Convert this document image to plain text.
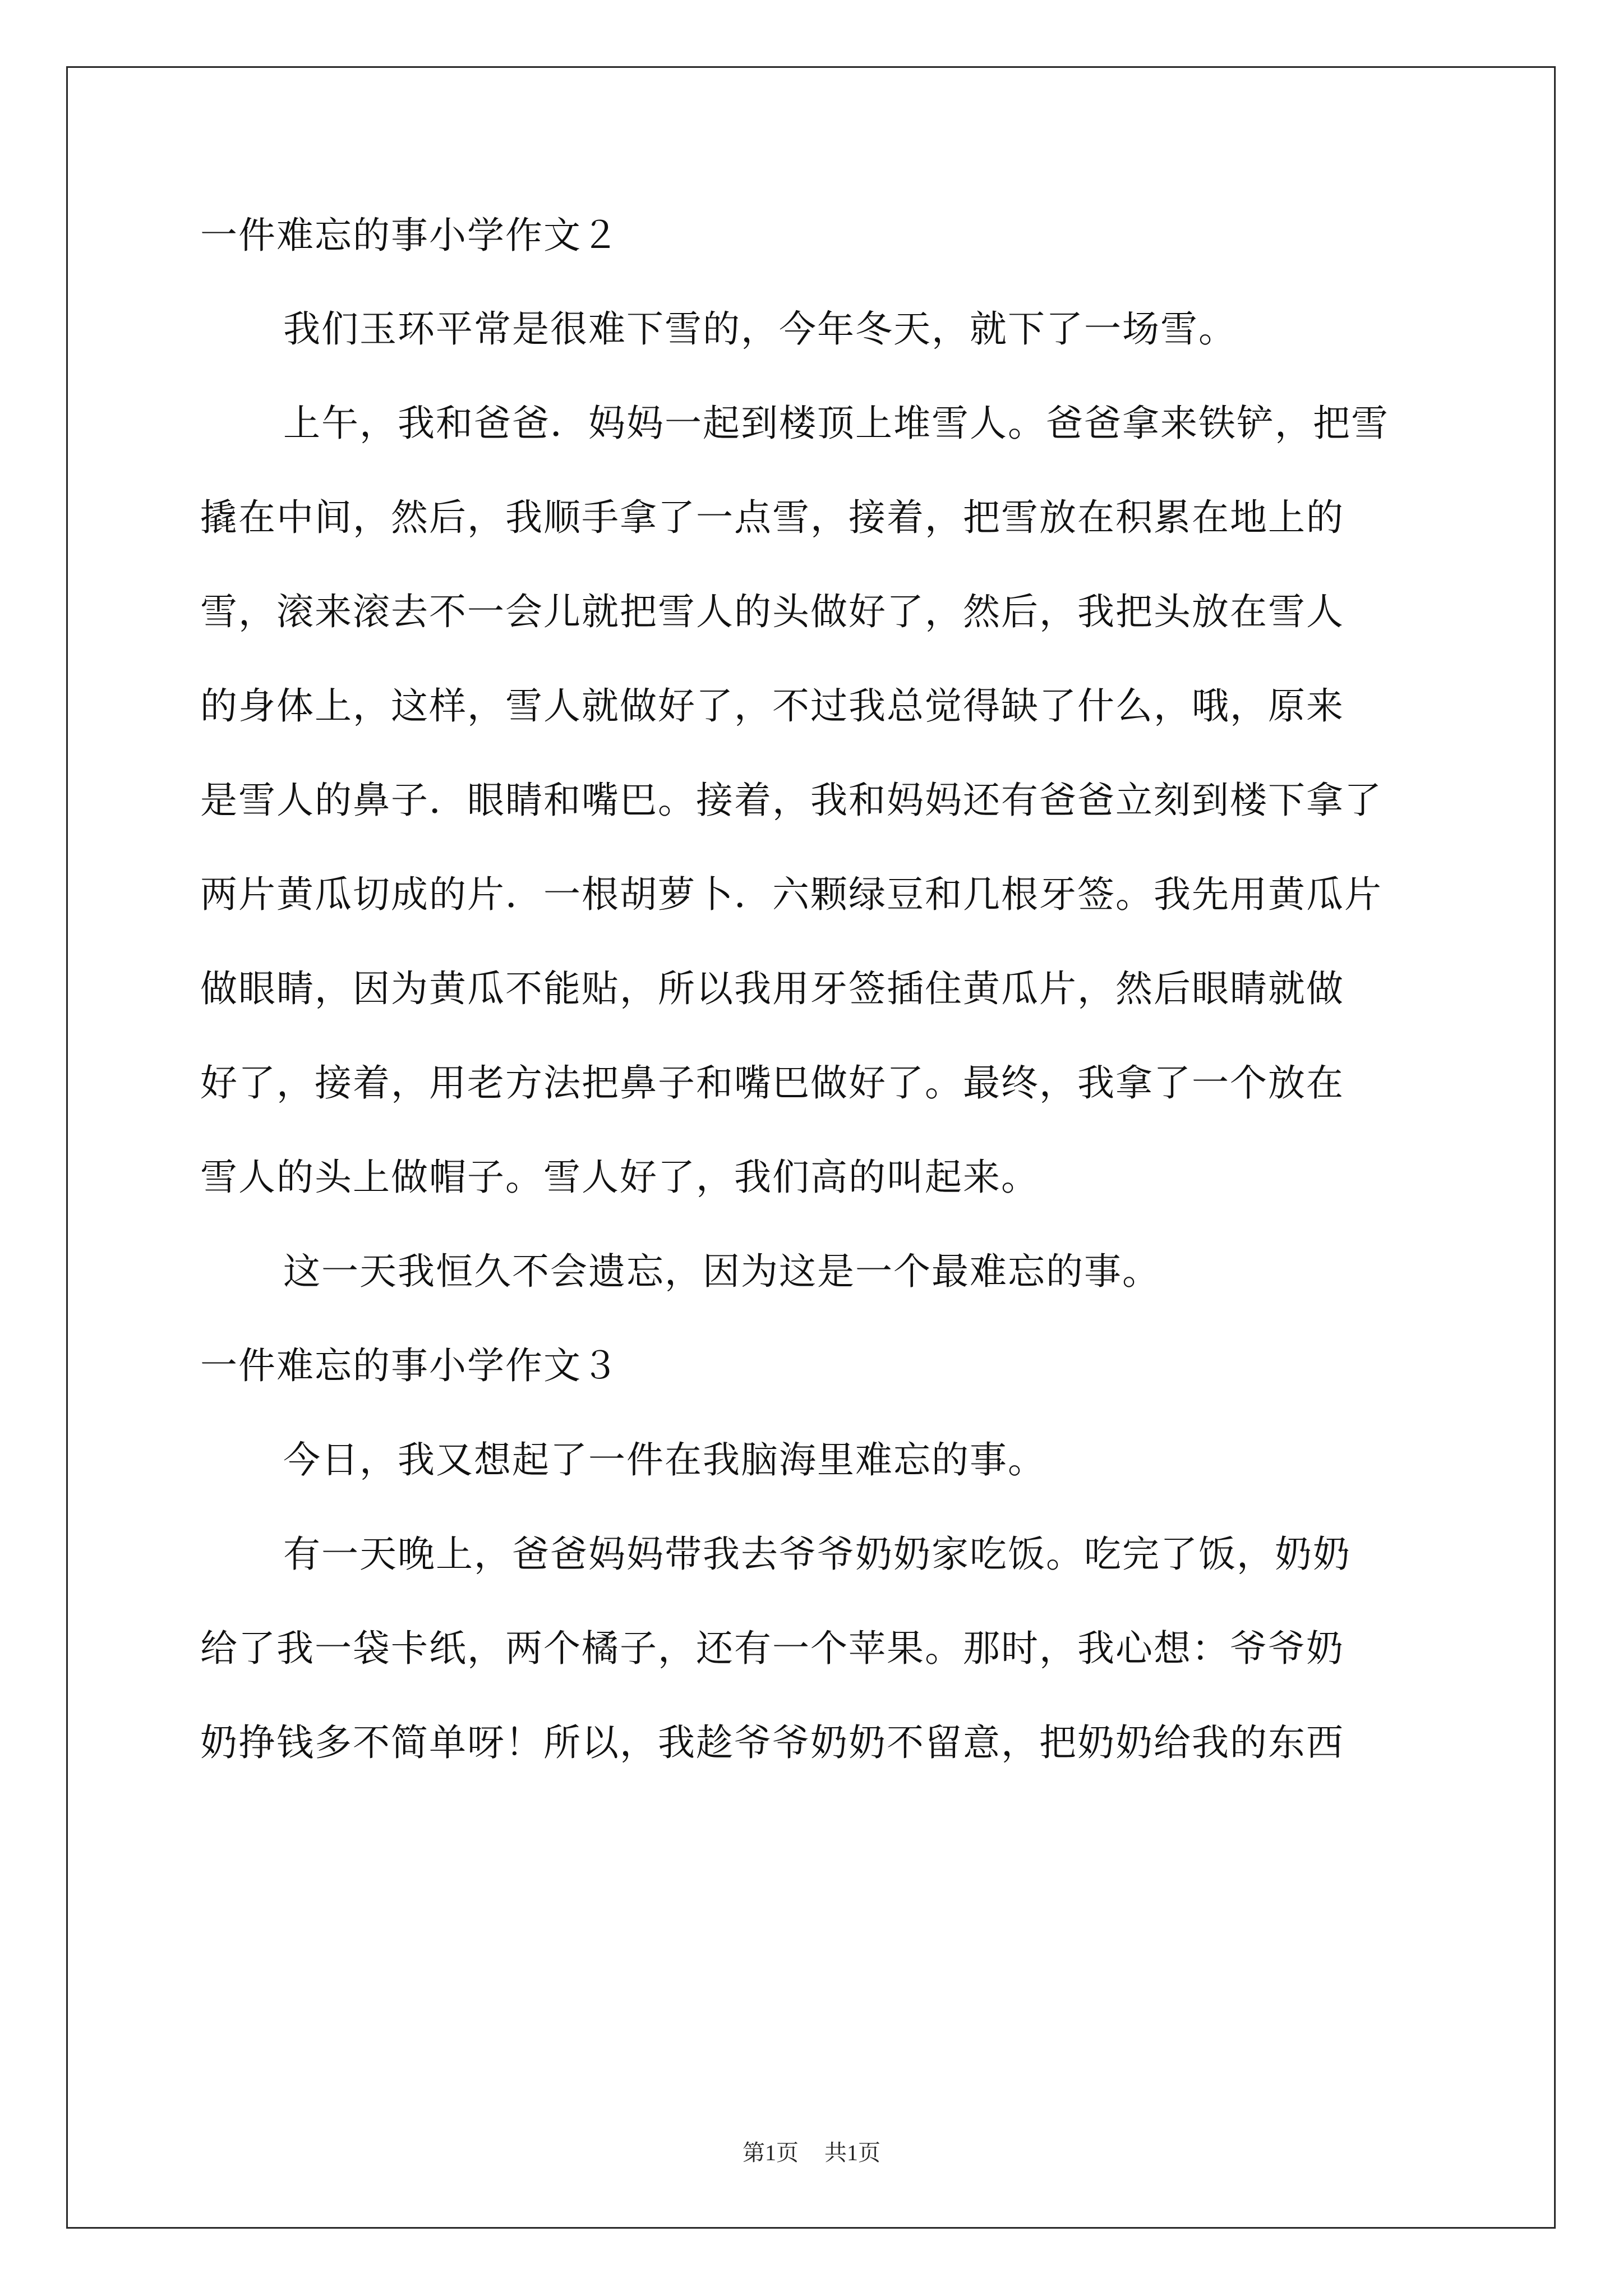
一件难忘的事小学作文２
我们玉环平常是很难下雪的，今年冬天，就下了一场雪。
上午，我和爸爸．妈妈一起到楼顶上堆雪人。爸爸拿来铁铲，把雪
撬在中间，然后，我顺手拿了一点雪，接着，把雪放在积累在地上的
雪，滚来滚去不一会儿就把雪人的头做好了，然后，我把头放在雪人
的身体上，这样，雪人就做好了，不过我总觉得缺了什么，哦，原来
是雪人的鼻子．眼睛和嘴巴。接着，我和妈妈还有爸爸立刻到楼下拿了
两片黄瓜切成的片．一根胡萝卜．六颗绿豆和几根牙签。我先用黄瓜片
做眼睛，因为黄瓜不能贴，所以我用牙签插住黄瓜片，然后眼睛就做
好了，接着，用老方法把鼻子和嘴巴做好了。最终，我拿了一个放在
雪人的头上做帽子。雪人好了，我们高的叫起来。
这一天我恒久不会遗忘，因为这是一个最难忘的事。
一件难忘的事小学作文３
今日，我又想起了一件在我脑海里难忘的事。
有一天晚上，爸爸妈妈带我去爷爷奶奶家吃饭。吃完了饭，奶奶
给了我一袋卡纸，两个橘子，还有一个苹果。那时，我心想：爷爷奶
奶挣钱多不简单呀！所以，我趁爷爷奶奶不留意，把奶奶给我的东西
第1页 共1页
